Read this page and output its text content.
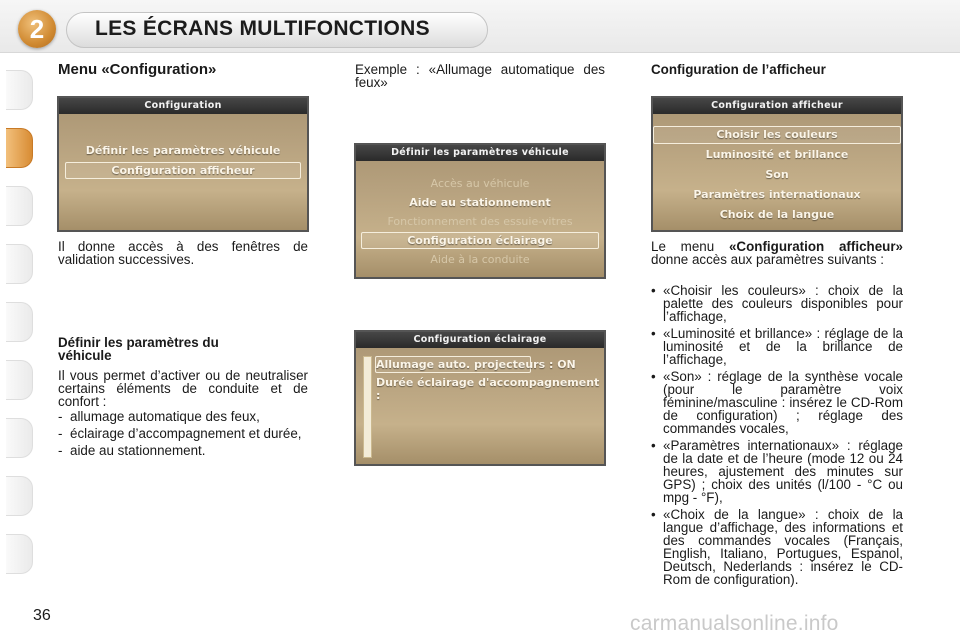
2	LES ÉCRANS MULTIFONCTIONS
Menu «Configuration»
Configuration
Définir les paramètres véhicule
Configuration afficheur
Il donne accès à des fenêtres de validation successives.
Définir les paramètres du
véhicule
Il vous permet d’activer ou de neutraliser certains éléments de conduite et de confort :
- allumage automatique des feux,
- éclairage d’accompagnement et durée,
- aide au stationnement.
Exemple : «Allumage automatique des feux»
Définir les paramètres véhicule
Accès au véhicule
Aide au stationnement
Fonctionnement des essuie-vitres
Configuration éclairage
Aide à la conduite
Configuration éclairage
Allumage auto. projecteurs : ON
Durée éclairage d'accompagnement :
Configuration de l’afficheur
Configuration afficheur
Choisir les couleurs
Luminosité et brillance
Son
Paramètres internationaux
Choix de la langue
Le menu «Configuration afficheur» donne accès aux paramètres suivants :
• «Choisir les couleurs» : choix de la palette des couleurs disponibles pour l’affichage,
• «Luminosité et brillance» : réglage de la luminosité et de la brillance de l’affichage,
• «Son» : réglage de la synthèse vocale (pour le paramètre voix féminine/masculine : insérez le CD-Rom de configuration) ; réglage des commandes vocales,
• «Paramètres internationaux» : réglage de la date et de l’heure (mode 12 ou 24 heures, ajustement des minutes sur GPS) ; choix des unités (l/100 - °C ou mpg - °F),
• «Choix de la langue» : choix de la langue d’affichage, des informations et des commandes vocales (Français, English, Italiano, Portugues, Espanol, Deutsch, Nederlands : insérez le CD-Rom de configuration).
36	carmanualsonline.info
